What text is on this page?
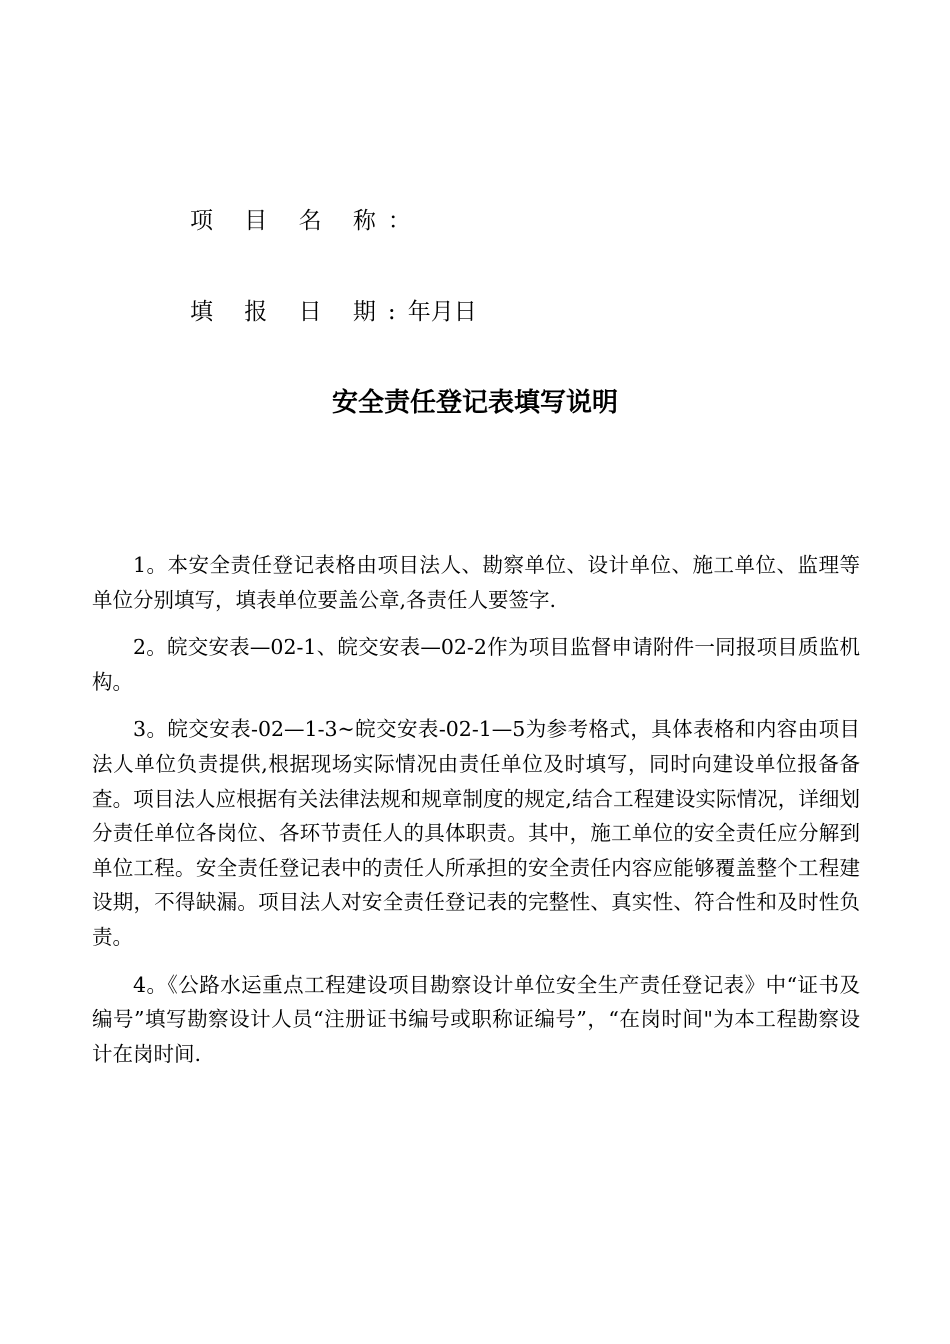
项 目 名 称：
填 报 日 期:年月日
安全责任登记表填写说明

1。本安全责任登记表格由项目法人、勘察单位、设计单位、施工单位、监理等单位分别填写，填表单位要盖公章,各责任人要签字.

2。皖交安表—02-1、皖交安表—02-2作为项目监督申请附件一同报项目质监机构。

3。皖交安表-02—1-3~皖交安表-02-1—5为参考格式，具体表格和内容由项目法人单位负责提供,根据现场实际情况由责任单位及时填写，同时向建设单位报备备查。项目法人应根据有关法律法规和规章制度的规定,结合工程建设实际情况，详细划分责任单位各岗位、各环节责任人的具体职责。其中，施工单位的安全责任应分解到单位工程。安全责任登记表中的责任人所承担的安全责任内容应能够覆盖整个工程建设期，不得缺漏。项目法人对安全责任登记表的完整性、真实性、符合性和及时性负责。

4。《公路水运重点工程建设项目勘察设计单位安全生产责任登记表》中“证书及编号”填写勘察设计人员“注册证书编号或职称证编号”，“在岗时间"为本工程勘察设计在岗时间.
